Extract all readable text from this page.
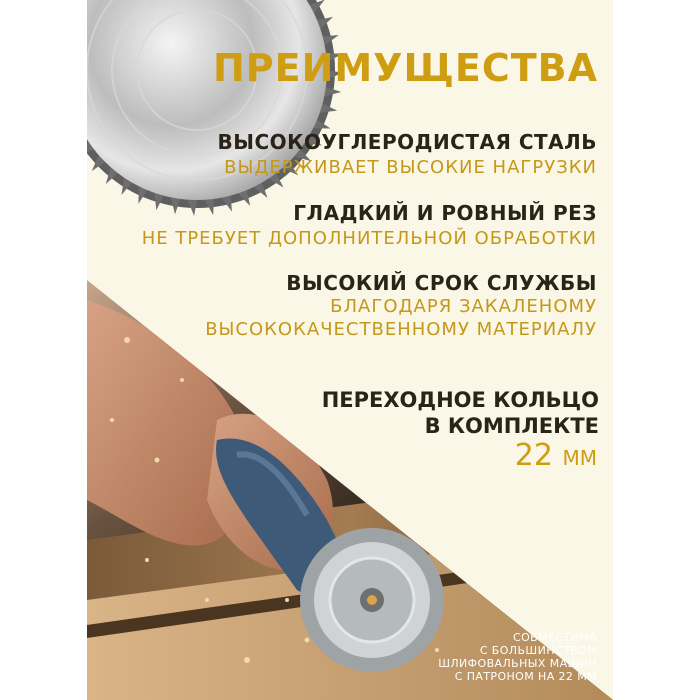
ПРЕИМУЩЕСТВА
ВЫСОКОУГЛЕРОДИСТАЯ СТАЛЬ
ВЫДЕРЖИВАЕТ ВЫСОКИЕ НАГРУЗКИ
ГЛАДКИЙ И РОВНЫЙ РЕЗ
НЕ ТРЕБУЕТ ДОПОЛНИТЕЛЬНОЙ ОБРАБОТКИ
ВЫСОКИЙ СРОК СЛУЖБЫ
БЛАГОДАРЯ ЗАКАЛЕНОМУ
ВЫСОКОКАЧЕСТВЕННОМУ МАТЕРИАЛУ
ПЕРЕХОДНОЕ КОЛЬЦО
В КОМПЛЕКТЕ
22 ММ
СОВМЕСТИМА
С БОЛЬШИНСТВОМ
ШЛИФОВАЛЬНЫХ МАШИН
С ПАТРОНОМ НА 22 ММ
